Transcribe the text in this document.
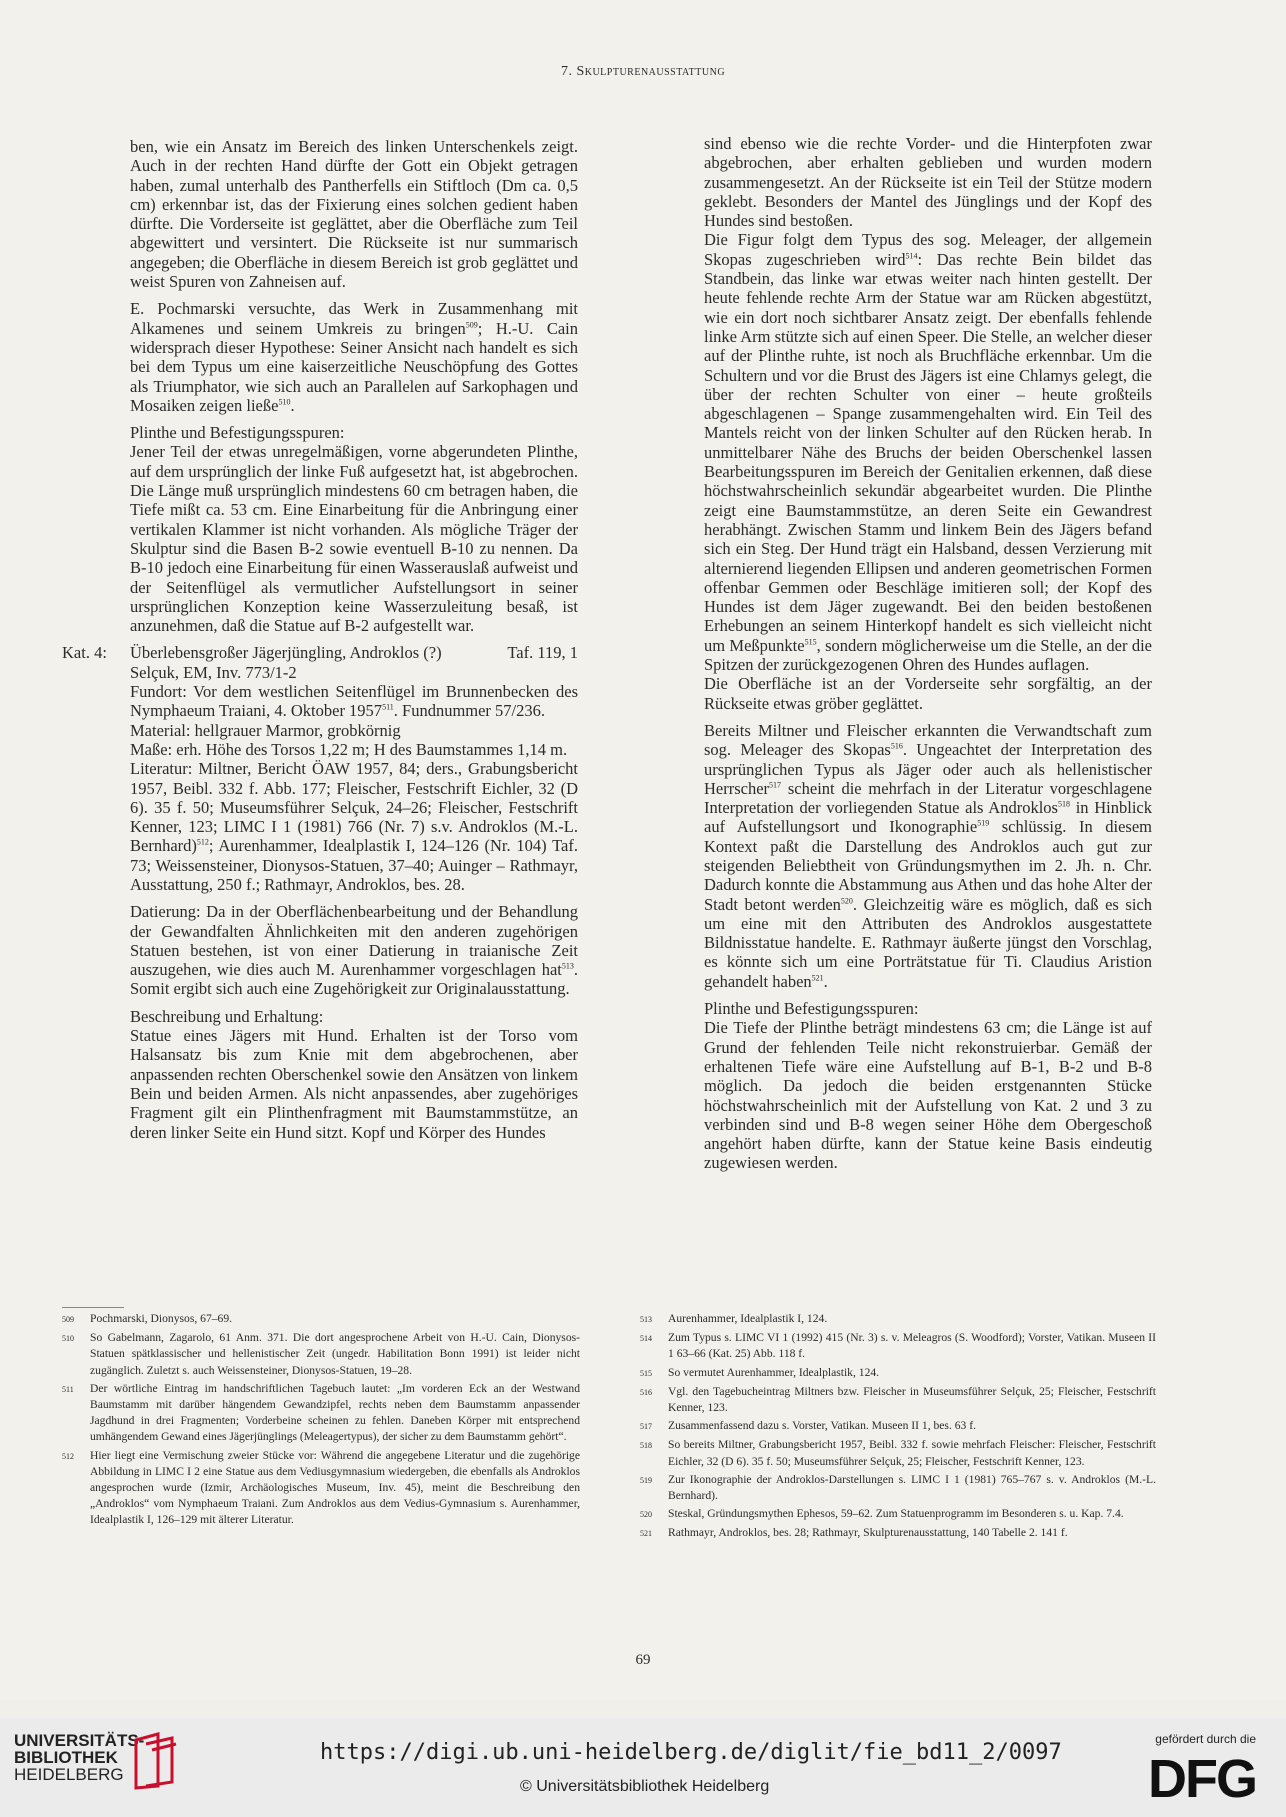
7. Skulpturenausstattung

ben, wie ein Ansatz im Bereich des linken Unterschenkels zeigt. Auch in der rechten Hand dürfte der Gott ein Objekt getragen haben, zumal unterhalb des Pantherfells ein Stiftloch (Dm ca. 0,5 cm) erkennbar ist, das der Fixierung eines solchen gedient haben dürfte. Die Vorderseite ist geglättet, aber die Oberfläche zum Teil abgewittert und versintert. Die Rückseite ist nur summarisch angegeben; die Oberfläche in diesem Bereich ist grob geglättet und weist Spuren von Zahneisen auf.

E. Pochmarski versuchte, das Werk in Zusammenhang mit Alkamenes und seinem Umkreis zu bringen$^{509}$; H.-U. Cain widersprach dieser Hypothese: Seiner Ansicht nach handelt es sich bei dem Typus um eine kaiserzeitliche Neuschöpfung des Gottes als Triumphator, wie sich auch an Parallelen auf Sarkophagen und Mosaiken zeigen ließe$^{510}$.

Plinthe und Befestigungsspuren:

Jener Teil der etwas unregelmäßigen, vorne abgerundeten Plinthe, auf dem ursprünglich der linke Fuß aufgesetzt hat, ist abgebrochen. Die Länge muß ursprünglich mindestens 60 cm betragen haben, die Tiefe mißt ca. 53 cm. Eine Einarbeitung für die Anbringung einer vertikalen Klammer ist nicht vorhanden. Als mögliche Träger der Skulptur sind die Basen B-2 sowie eventuell B-10 zu nennen. Da B-10 jedoch eine Einarbeitung für einen Wasserauslaß aufweist und der Seitenflügel als vermutlicher Aufstellungsort in seiner ursprünglichen Konzeption keine Wasserzuleitung besaß, ist anzunehmen, daß die Statue auf B-2 aufgestellt war.

Kat. 4:	Überlebensgroßer Jägerjüngling, Androklos (?)	Taf. 119, 1
Selçuk, EM, Inv. 773/1-2
Fundort: Vor dem westlichen Seitenflügel im Brunnenbecken des Nymphaeum Traiani, 4. Oktober 1957$^{511}$. Fundnummer 57/236.
Material: hellgrauer Marmor, grobkörnig
Maße: erh. Höhe des Torsos 1,22 m; H des Baumstammes 1,14 m.
Literatur: Miltner, Bericht ÖAW 1957, 84; ders., Grabungsbericht 1957, Beibl. 332 f. Abb. 177; Fleischer, Festschrift Eichler, 32 (D 6). 35 f. 50; Museumsführer Selçuk, 24–26; Fleischer, Festschrift Kenner, 123; LIMC I 1 (1981) 766 (Nr. 7) s.v. Androklos (M.-L. Bernhard)$^{512}$; Aurenhammer, Idealplastik I, 124–126 (Nr. 104) Taf. 73; Weissensteiner, Dionysos-Statuen, 37–40; Auinger – Rathmayr, Ausstattung, 250 f.; Rathmayr, Androklos, bes. 28.

Datierung: Da in der Oberflächenbearbeitung und der Behandlung der Gewandfalten Ähnlichkeiten mit den anderen zugehörigen Statuen bestehen, ist von einer Datierung in traianische Zeit auszugehen, wie dies auch M. Aurenhammer vorgeschlagen hat$^{513}$. Somit ergibt sich auch eine Zugehörigkeit zur Originalausstattung.

Beschreibung und Erhaltung:

Statue eines Jägers mit Hund. Erhalten ist der Torso vom Halsansatz bis zum Knie mit dem abgebrochenen, aber anpassenden rechten Oberschenkel sowie den Ansätzen von linkem Bein und beiden Armen. Als nicht anpassendes, aber zugehöriges Fragment gilt ein Plinthenfragment mit Baumstammstütze, an deren linker Seite ein Hund sitzt. Kopf und Körper des Hundes

sind ebenso wie die rechte Vorder- und die Hinterpfoten zwar abgebrochen, aber erhalten geblieben und wurden modern zusammengesetzt. An der Rückseite ist ein Teil der Stütze modern geklebt. Besonders der Mantel des Jünglings und der Kopf des Hundes sind bestoßen.

Die Figur folgt dem Typus des sog. Meleager, der allgemein Skopas zugeschrieben wird$^{514}$: Das rechte Bein bildet das Standbein, das linke war etwas weiter nach hinten gestellt. Der heute fehlende rechte Arm der Statue war am Rücken abgestützt, wie ein dort noch sichtbarer Ansatz zeigt. Der ebenfalls fehlende linke Arm stützte sich auf einen Speer. Die Stelle, an welcher dieser auf der Plinthe ruhte, ist noch als Bruchfläche erkennbar. Um die Schultern und vor die Brust des Jägers ist eine Chlamys gelegt, die über der rechten Schulter von einer – heute großteils abgeschlagenen – Spange zusammengehalten wird. Ein Teil des Mantels reicht von der linken Schulter auf den Rücken herab. In unmittelbarer Nähe des Bruchs der beiden Oberschenkel lassen Bearbeitungsspuren im Bereich der Genitalien erkennen, daß diese höchstwahrscheinlich sekundär abgearbeitet wurden. Die Plinthe zeigt eine Baumstammstütze, an deren Seite ein Gewandrest herabhängt. Zwischen Stamm und linkem Bein des Jägers befand sich ein Steg. Der Hund trägt ein Halsband, dessen Verzierung mit alternierend liegenden Ellipsen und anderen geometrischen Formen offenbar Gemmen oder Beschläge imitieren soll; der Kopf des Hundes ist dem Jäger zugewandt. Bei den beiden bestoßenen Erhebungen an seinem Hinterkopf handelt es sich vielleicht nicht um Meßpunkte$^{515}$, sondern möglicherweise um die Stelle, an der die Spitzen der zurückgezogenen Ohren des Hundes auflagen.

Die Oberfläche ist an der Vorderseite sehr sorgfältig, an der Rückseite etwas gröber geglättet.

Bereits Miltner und Fleischer erkannten die Verwandtschaft zum sog. Meleager des Skopas$^{516}$. Ungeachtet der Interpretation des ursprünglichen Typus als Jäger oder auch als hellenistischer Herrscher$^{517}$ scheint die mehrfach in der Literatur vorgeschlagene Interpretation der vorliegenden Statue als Androklos$^{518}$ in Hinblick auf Aufstellungsort und Ikonographie$^{519}$ schlüssig. In diesem Kontext paßt die Darstellung des Androklos auch gut zur steigenden Beliebtheit von Gründungsmythen im 2. Jh. n. Chr. Dadurch konnte die Abstammung aus Athen und das hohe Alter der Stadt betont werden$^{520}$. Gleichzeitig wäre es möglich, daß es sich um eine mit den Attributen des Androklos ausgestattete Bildnisstatue handelte. E. Rathmayr äußerte jüngst den Vorschlag, es könnte sich um eine Porträtstatue für Ti. Claudius Aristion gehandelt haben$^{521}$.

Plinthe und Befestigungsspuren:

Die Tiefe der Plinthe beträgt mindestens 63 cm; die Länge ist auf Grund der fehlenden Teile nicht rekonstruierbar. Gemäß der erhaltenen Tiefe wäre eine Aufstellung auf B-1, B-2 und B-8 möglich. Da jedoch die beiden erstgenannten Stücke höchstwahrscheinlich mit der Aufstellung von Kat. 2 und 3 zu verbinden sind und B-8 wegen seiner Höhe dem Obergeschoß angehört haben dürfte, kann der Statue keine Basis eindeutig zugewiesen werden.

509	Pochmarski, Dionysos, 67–69.
510	So Gabelmann, Zagarolo, 61 Anm. 371. Die dort angesprochene Arbeit von H.-U. Cain, Dionysos-Statuen spätklassischer und hellenistischer Zeit (ungedr. Habilitation Bonn 1991) ist leider nicht zugänglich. Zuletzt s. auch Weissensteiner, Dionysos-Statuen, 19–28.
511	Der wörtliche Eintrag im handschriftlichen Tagebuch lautet: „Im vorderen Eck an der Westwand Baumstamm mit darüber hängendem Gewandzipfel, rechts neben dem Baumstamm anpassender Jagdhund in drei Fragmenten; Vorderbeine scheinen zu fehlen. Daneben Körper mit entsprechend umhängendem Gewand eines Jägerjünglings (Meleagertypus), der sicher zu dem Baumstamm gehört“.
512	Hier liegt eine Vermischung zweier Stücke vor: Während die angegebene Literatur und die zugehörige Abbildung in LIMC I 2 eine Statue aus dem Vediusgymnasium wiedergeben, die ebenfalls als Androklos angesprochen wurde (Izmir, Archäologisches Museum, Inv. 45), meint die Beschreibung den „Androklos“ vom Nymphaeum Traiani. Zum Androklos aus dem Vedius-Gymnasium s. Aurenhammer, Idealplastik I, 126–129 mit älterer Literatur.
513	Aurenhammer, Idealplastik I, 124.
514	Zum Typus s. LIMC VI 1 (1992) 415 (Nr. 3) s. v. Meleagros (S. Woodford); Vorster, Vatikan. Museen II 1 63–66 (Kat. 25) Abb. 118 f.
515	So vermutet Aurenhammer, Idealplastik, 124.
516	Vgl. den Tagebucheintrag Miltners bzw. Fleischer in Museumsführer Selçuk, 25; Fleischer, Festschrift Kenner, 123.
517	Zusammenfassend dazu s. Vorster, Vatikan. Museen II 1, bes. 63 f.
518	So bereits Miltner, Grabungsbericht 1957, Beibl. 332 f. sowie mehrfach Fleischer: Fleischer, Festschrift Eichler, 32 (D 6). 35 f. 50; Museumsführer Selçuk, 25; Fleischer, Festschrift Kenner, 123.
519	Zur Ikonographie der Androklos-Darstellungen s. LIMC I 1 (1981) 765–767 s. v. Androklos (M.-L. Bernhard).
520	Steskal, Gründungsmythen Ephesos, 59–62. Zum Statuenprogramm im Besonderen s. u. Kap. 7.4.
521	Rathmayr, Androklos, bes. 28; Rathmayr, Skulpturenausstattung, 140 Tabelle 2. 141 f.
69
UNIVERSITÄTS-
BIBLIOTHEK
HEIDELBERG
https://digi.ub.uni-heidelberg.de/diglit/fie_bd11_2/0097
© Universitätsbibliothek Heidelberg
gefördert durch die
DFG
